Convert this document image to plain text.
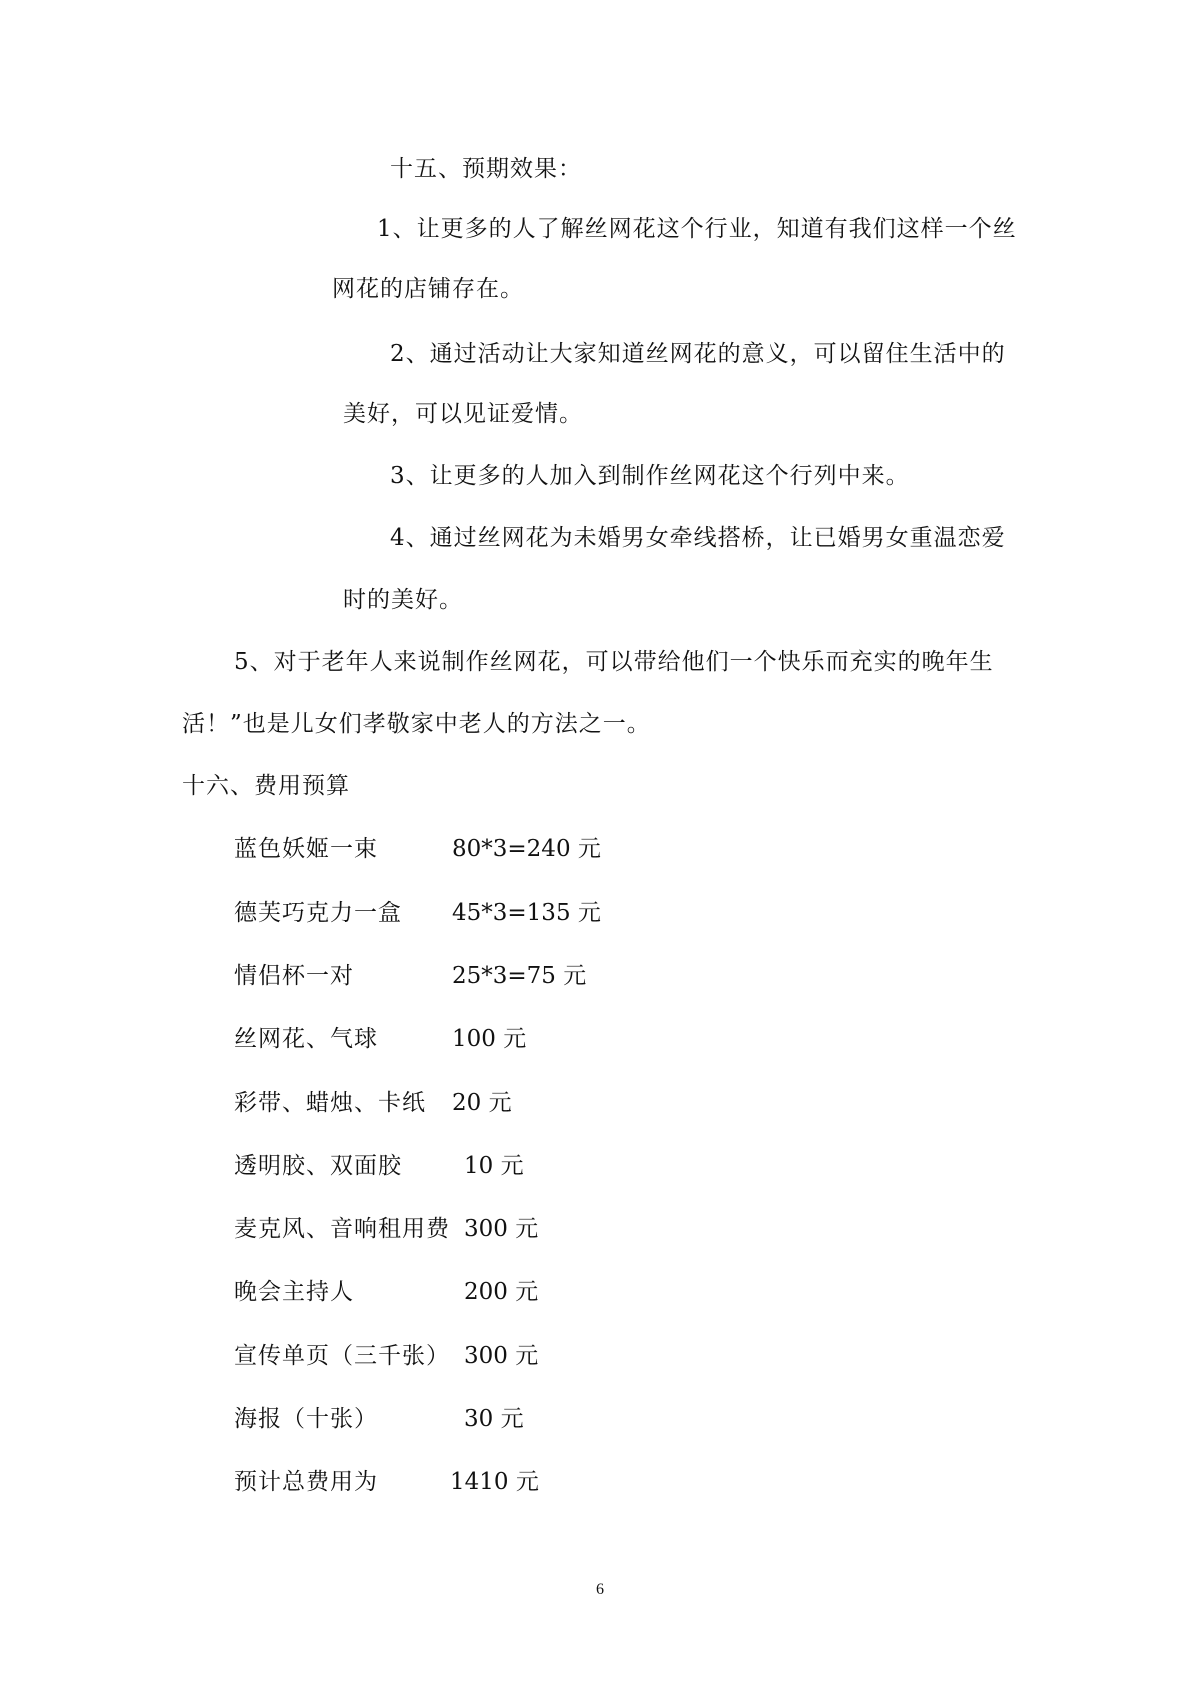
十五、预期效果：
1、让更多的人了解丝网花这个行业，知道有我们这样一个丝
网花的店铺存在。
2、通过活动让大家知道丝网花的意义，可以留住生活中的
美好，可以见证爱情。
3、让更多的人加入到制作丝网花这个行列中来。
4、通过丝网花为未婚男女牵线搭桥，让已婚男女重温恋爱
时的美好。
5、对于老年人来说制作丝网花，可以带给他们一个快乐而充实的晚年生
活！”也是儿女们孝敬家中老人的方法之一。
十六、费用预算
蓝色妖姬一束	80*3=240 元
德芙巧克力一盒 45*3=135 元
情侣杯一对	25*3=75 元
丝网花、气球	100 元
彩带、蜡烛、卡纸 20 元
透明胶、双面胶	10 元
麦克风、音响租用费 300 元
晚会主持人	200 元
宣传单页（三千张） 300 元
海报（十张）	30 元
预计总费用为	1410 元
6
